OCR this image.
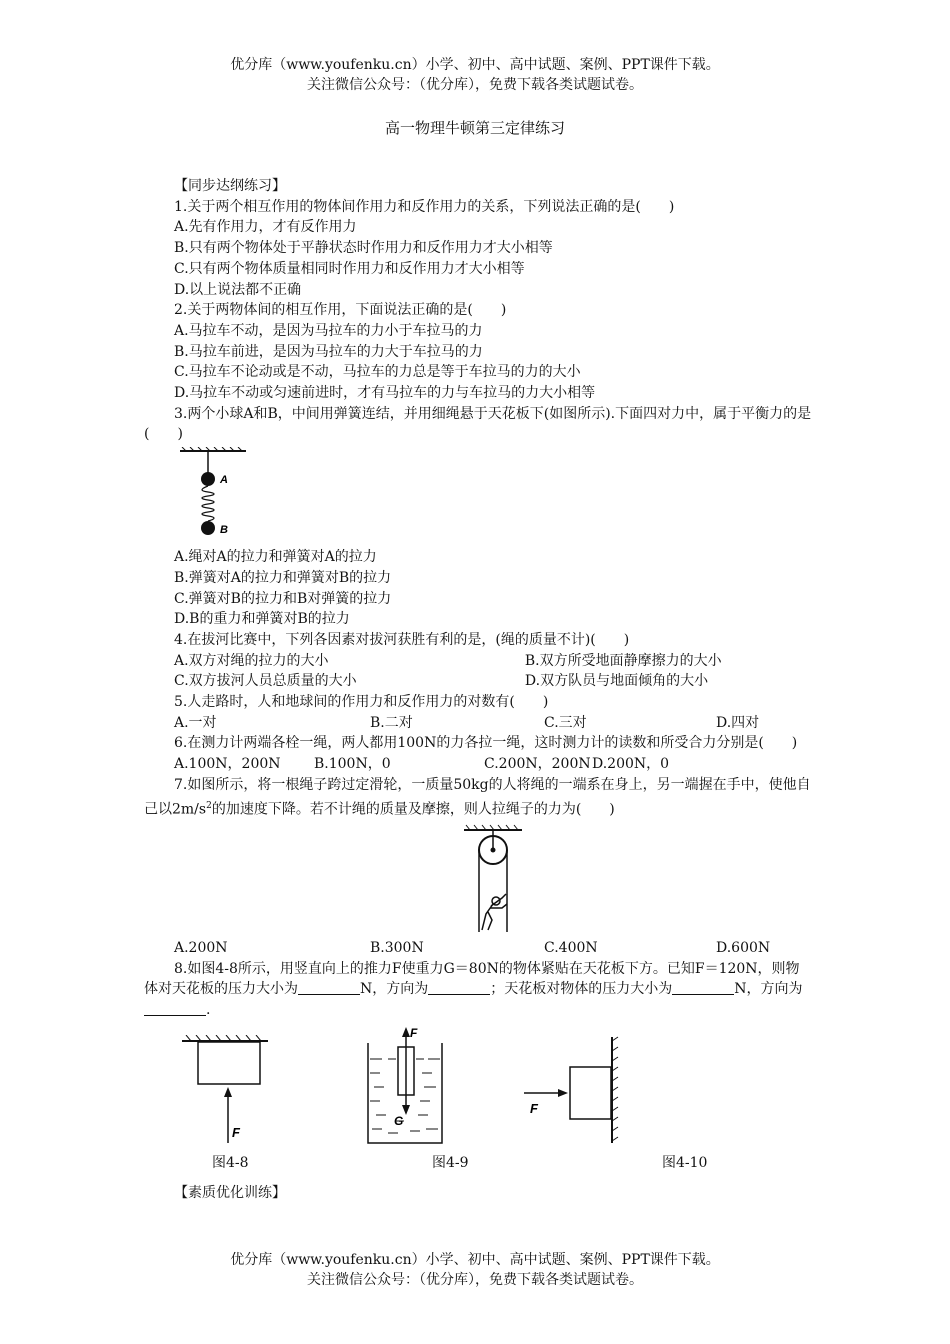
优分库（www.youfenku.cn）小学、初中、高中试题、案例、PPT课件下载。
关注微信公众号：（优分库），免费下载各类试题试卷。
高一物理牛顿第三定律练习

【同步达纲练习】

1.关于两个相互作用的物体间作用力和反作用力的关系，下列说法正确的是(　　)

A.先有作用力，才有反作用力

B.只有两个物体处于平静状态时作用力和反作用力才大小相等

C.只有两个物体质量相同时作用力和反作用力才大小相等

D.以上说法都不正确

2.关于两物体间的相互作用，下面说法正确的是(　　)

A.马拉车不动，是因为马拉车的力小于车拉马的力

B.马拉车前进，是因为马拉车的力大于车拉马的力

C.马拉车不论动或是不动，马拉车的力总是等于车拉马的力的大小

D.马拉车不动或匀速前进时，才有马拉车的力与车拉马的力大小相等

3.两个小球A和B，中间用弹簧连结，并用细绳悬于天花板下(如图所示).下面四对力中，属于平衡力的是(　　)

A
B

A.绳对A的拉力和弹簧对A的拉力

B.弹簧对A的拉力和弹簧对B的拉力

C.弹簧对B的拉力和B对弹簧的拉力

D.B的重力和弹簧对B的拉力

4.在拔河比赛中，下列各因素对拔河获胜有利的是，(绳的质量不计)(　　)

A.双方对绳的拉力的大小	B.双方所受地面静摩擦力的大小
C.双方拔河人员总质量的大小	D.双方队员与地面倾角的大小

5.人走路时，人和地球间的作用力和反作用力的对数有(　　)

A.一对	B.二对	C.三对	D.四对

6.在测力计两端各栓一绳，两人都用100N的力各拉一绳，这时测力计的读数和所受合力分别是(　　)

A.100N，200N	B.100N，0	C.200N，200N D.200N，0

7.如图所示，将一根绳子跨过定滑轮，一质量50kg的人将绳的一端系在身上，另一端握在手中，使他自己以$2m/s^2$的加速度下降。若不计绳的质量及摩擦，则人拉绳子的力为(　　)

A.200N	B.300N	C.400N	D.600N

8.如图4-8所示，用竖直向上的推力F使重力G＝80N的物体紧贴在天花板下方。已知F＝120N，则物体对天花板的压力大小为	N，方向为	；天花板对物体的压力大小为	N，方向为.

F
F
G
F
图4-8	图4-9	图4-10

【素质优化训练】

优分库（www.youfenku.cn）小学、初中、高中试题、案例、PPT课件下载。
关注微信公众号：（优分库），免费下载各类试题试卷。
